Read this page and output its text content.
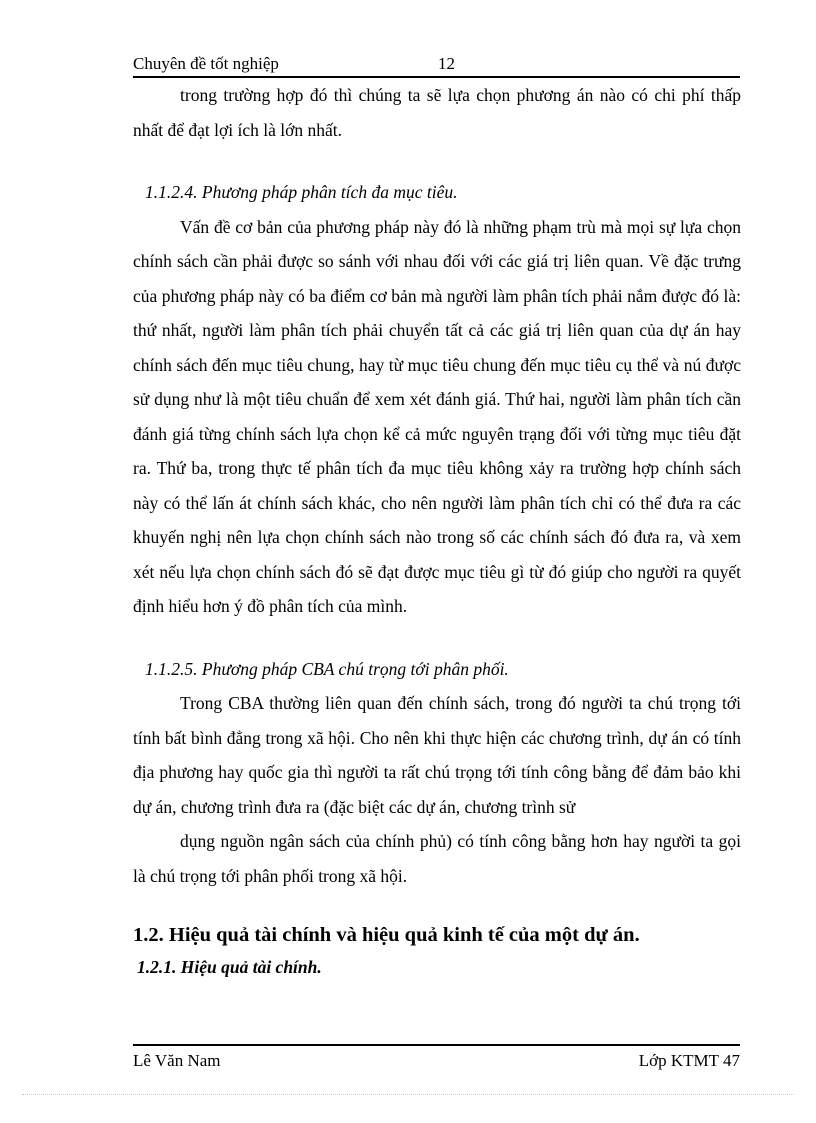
Chuyên đề tốt nghiệp	12

trong trường hợp đó thì chúng ta sẽ lựa chọn phương án nào có chi phí thấp nhất để đạt lợi ích là lớn nhất.

1.1.2.4. Phương pháp phân tích đa mục tiêu.

Vấn đề cơ bản của phương pháp này đó là những phạm trù mà mọi sự lựa chọn chính sách cần phải được so sánh với nhau đối với các giá trị liên quan. Về đặc trưng của phương pháp này có ba điểm cơ bản mà người làm phân tích phải nắm được đó là: thứ nhất, người làm phân tích phải chuyển tất cả các giá trị liên quan của dự án hay chính sách đến mục tiêu chung, hay từ mục tiêu chung đến mục tiêu cụ thể và nú được sử dụng như là một tiêu chuẩn để xem xét đánh giá. Thứ hai, người làm phân tích cần đánh giá từng chính sách lựa chọn kể cả mức nguyên trạng đối với từng mục tiêu đặt ra. Thứ ba, trong thực tế phân tích đa mục tiêu không xảy ra trường hợp chính sách này có thể lấn át chính sách khác, cho nên người làm phân tích chỉ có thể đưa ra các khuyến nghị nên lựa chọn chính sách nào trong số các chính sách đó đưa ra, và xem xét nếu lựa chọn chính sách đó sẽ đạt được mục tiêu gì từ đó giúp cho người ra quyết định hiểu hơn ý đồ phân tích của mình.

1.1.2.5. Phương pháp CBA chú trọng tới phân phối.

Trong CBA thường liên quan đến chính sách, trong đó người ta chú trọng tới tính bất bình đẳng trong xã hội. Cho nên khi thực hiện các chương trình, dự án có tính địa phương hay quốc gia thì người ta rất chú trọng tới tính công bằng để đảm bảo khi dự án, chương trình đưa ra (đặc biệt các dự án, chương trình sử

dụng nguồn ngân sách của chính phủ) có tính công bằng hơn hay người ta gọi là chú trọng tới phân phối trong xã hội.

1.2. Hiệu quả tài chính và hiệu quả kinh tế của một dự án.

1.2.1. Hiệu quả tài chính.

Lê Văn Nam	Lớp KTMT 47
